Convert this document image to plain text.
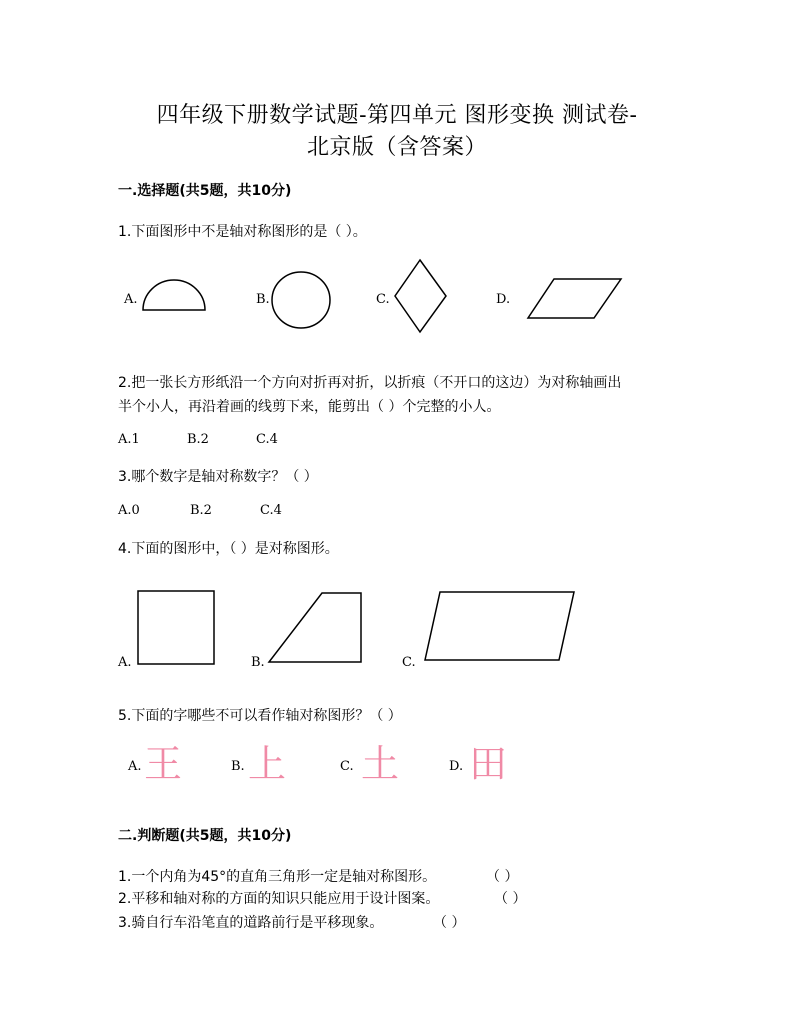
四年级下册数学试题-第四单元 图形变换 测试卷-
北京版（含答案）
一.选择题(共5题，共10分)
1.下面图形中不是轴对称图形的是（ ）。
A.	B.	C.	D.
2.把一张长方形纸沿一个方向对折再对折，以折痕（不开口的这边）为对称轴画出
半个小人，再沿着画的线剪下来，能剪出（ ）个完整的小人。
A.1	B.2	C.4
3.哪个数字是轴对称数字？（ ）
A.0	B.2	C.4
4.下面的图形中，（ ）是对称图形。
A.	B.	C.
5.下面的字哪些不可以看作轴对称图形？（ ）
A. 王	B. 上	C. 土	D. 田
二.判断题(共5题，共10分)
1.一个内角为45°的直角三角形一定是轴对称图形。	（ ）
2.平移和轴对称的方面的知识只能应用于设计图案。	（ ）
3.骑自行车沿笔直的道路前行是平移现象。	（ ）
